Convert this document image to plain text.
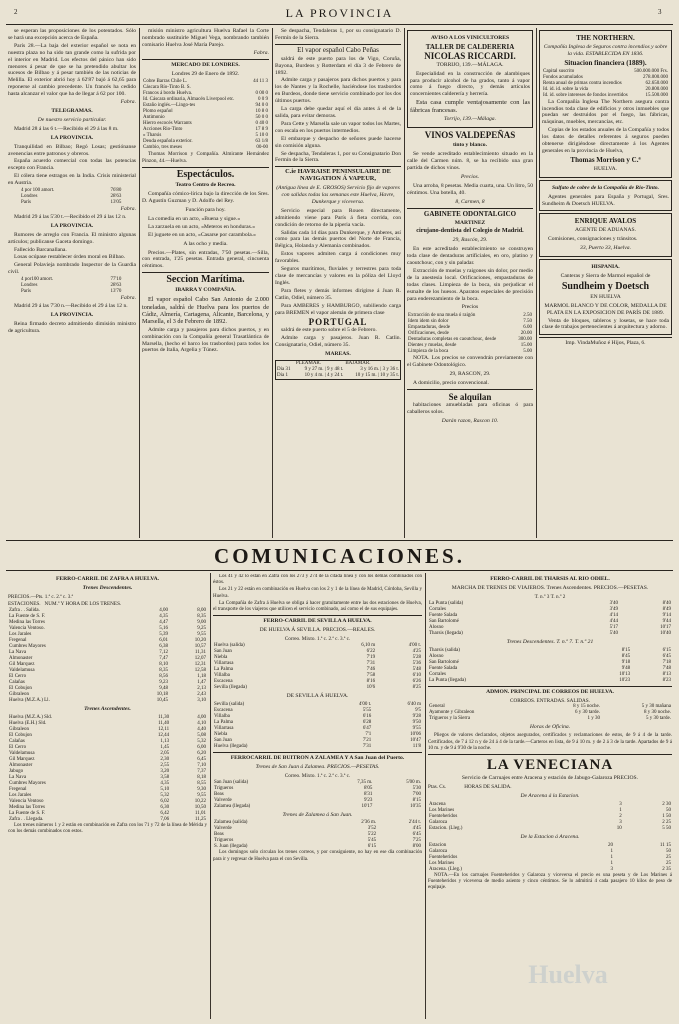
2	LA PROVINCIA	3

se esperan las proposiciones de los potentados. Sólo se hará una excepción acerca de España.

París 28.—La baja del exterior español se nota en nuestra plaza no ha sido tan grande como la sufrida por el interior en Madrid. Los efectos del pánico han sido menores á pesar de que se ha pretendido abultar los sucesos de Bilbao y á pesar también de las noticias de Melilla. El exterior abrió hoy á 62'87 bajó á 62,65 para reponerse al cambio precedente. Un francés ha cedido hasta alcanzar el valor que ha de llegar á 62 por 100.

Fabra.

TELEGRAMAS.
De nuestro servicio particular.

Madrid 28 á las 6 t.—Recibido el 29 á las 8 m.

LA PROVINCIA.

Tranquilidad en Bilbao; Regó Losas; gestiónanse avenencias entre patronos y obreros.

España acuerdo comercial con todas las potencias excepto con Francia.

El cólera tiene estragos en la India. Crisis ministerial en Austria.

4 por 100 amort.	76'80
Londres	28'63
París	13'05

Fabra.

Madrid 29 á las 5'30 t.—Recibido el 29 á las 12 n.

LA PROVINCIA.

Rumores de arreglo con Francia. El ministro algunas artículos; publicanse Gaceta domingo.

Fallecido Barcanallana.

Losas ocúpase restablecer órden moral en Bilbao.

General Polavieja nombrado Inspector de la Guardia civil.

4 por100 amort.	77'10
Londres	28'63
París	13'70

Fabra.

Madrid 29 á las 7'30 n.—Recibido el 29 á las 12 n.

LA PROVINCIA.

Reina firmado decreto admitiendo dimisión ministro de agricultura.

misión ministro agricultura Huelva Rafael la Corte nombrado sustituirle Miguel Vega, nombrando también comisario Huelva José María Parejo.

Fabra.

MERCADO DE LONDRES.
Londres 29 de Enero de 1892.
Cobre Barras Chile L.	44 11 3
Cáscara Río-Tinto B. S.	
Francos á bordo Huelva.	0 00 0
Id. Cáscara ordinaria, Almacén Liverpool etc.	0 0 9
Estaño inglés.—Lingo-tes	94 0 0
Plomo español	10 8 0
Antimonio	50 0 0
Hierro escocés Warrants	0 40 0
Acciones Rio-Tinto	17 8 9
» Tharsis	5 10 0
Deuda española exterior.	63 1/8
Cambio, tres meses	00-00

Thomas Morrison y Compañía. Almirante Hernández Pinzon, 44.—Huelva.

Espectáculos.
Teatro Centro de Recreo.

Compañía cómico-lírica bajo la dirección de los Sres. D. Agustín Guzman y D. Adolfo del Rey.

Función para hoy.

La comedia en un acto, «Buena y sigue.»

La zarzuela en un acto, «Meteros en honduras.»

El juguete en un acto, «Casarse por carambola.»

A las ocho y media.

Precios.—Plates, sin entradas, 7'50 pesetas.—Silla, con entrada, 1'25 pesetas. Entrada general, cincuenta céntimos.

Seccion Marítima.
IBARRA Y COMPAÑIA.

El vapor español Cabo San Antonio de 2.000 toneladas, saldrá de Huelva para los puertos de Cádiz, Almería, Cartagena, Alicante, Barcelona, y Marsella, el 3 de Febrero de 1892.

Admite carga y pasajeros para dichos puertos, y en combinación con la Compañía general Trasatlántica de Marsella, (hecho el barco los trasbordos) para todos los puertos de Italia, Argelia y Túnez.

Se despacha, Tendaleras 1, por su consignatario D. Fermín de la Sierra.

El vapor español Cabo Peñas

saldrá de este puerto para los de Vigo, Coruña, Bayona, Burdeos y Rotterdam el día 3 de Febrero de 1892.

Admite carga y pasajeros para dichos puertos y para los de Nantes y la Rochelle, haciéndose los trasbordos en Burdeos, donde tiene servicio combinado por los dos últimos puertos.

La carga debe quedar aquí el día antes á el de la salida, para evitar demoras.

Para Cette y Marsella sale un vapor todos los Martes, con escala en los puertos intermedios.

El embarque y despacho de señores puede hacerse sin comisión alguna.

Se despacha, Tendaleras 1, por su Consignatario Don Fermín de la Sierra.

C.ie HAVRAISE PENINSULAIRE DE NAVIGATION Á VAPEUR,
(Antigua línea de E. GROSOS) Servicio fijo de vapores con salidas todas las semanas este Huelva, Havre, Dunkerque y viceversa.

Servicio especial para Rouen directamente, admitiendo viene para París á fieta corrida, con condición de retorno de la piperia vacía.

Salidas cada 14 días para Dunkerque, y Amberes, así como para las demás puertos del Norte de Francia, Bélgica, Holanda y Alemania combinados.

Estos vapores admiten carga á condiciones muy favorables.

Seguros marítimos, fluviales y terrestres para toda clase de mercancías y valores en la póliza del Lloyd Inglés.

Para fletes y demás informes dirigirse á Juan R. Catlin, Odiel, número 35.

Para AMBERES y HAMBURGO, subiliendo carga para BREMEN el vapor alemán de primera clase

PORTUGAL

saldrá de este puerto sobre el 5 de Febrero.

Admite carga y pasajeros. Juan R. Catlin. Consignatario, Odiel, número 35.

MAREAS.
	PLEAMAR.	BAJAMAR.
Dia 31	9 y 27 m. | 9 y 48 t.	3 y 16 m. | 3 y 36 t.
Dia 1	10 y 4 m. | 4 y 24 t.	10 y 15 m. | 10 y 35 t.
AVISO A LOS VINICULTORES
TALLER DE CALDERERIA
NICOLAS RICCARDI.
TORRIJO, 139.—MÁLAGA.

Especialidad en la construcción de alambiques para producir alcohol de ha grados, tanto á vapor como á fuego directo, y demás artículos concernientes calderería y herrería.

Esta casa cumple ventajosamente con las fábricas francesas.

Torrijo, 139.—Málaga.
VINOS VALDEPEÑAS
tinto y blanco.

Se vende acreditado establecimiento situado en la calle del Carmen núm. 8, se ha recibido una gran partida de dichos vinos.

Precios.

Una arroba, 8 pesetas. Media cuarta, una. Un litro, 50 céntimos. Una botella, 40.

8, Carmen, 8
GABINETE ODONTALGICO
MARTINEZ
cirujano-dentista del Colegio de Madrid.
29, Rascón, 29.

En este acreditado establecimiento se construyen toda clase de dentaduras artificiales, en oro, platino y caoutchouc, con y sin paladar.

Extracción de muelas y raigones sin dolor, por medio de la anestesia local. Orificaciones, empastaduras de todas clases. Limpieza de la boca, sin perjudicar el esmalte de los huesos. Aparatos especiales de precisión para enderezamiento de la boca.

Precios
Extracción de una muela ó raigón	2.50
Idem idem sin dolor	7.50
Empastaduras, desde	6.00
Orificaciones, desde	20.00
Dentaduras completas en caoutchouc, desde	300.00
Dientes y muelas, desde	15.00
Limpieza de la boca	5.00

NOTA. Los precios se convendrán previamente con el Gabinete Odontológico.

29, RASCON, 29.

A domicilio, precio convencional.

Se alquilan

habitaciones amuebladas para oficinas ó para caballeros solos.

Darán razon, Rascon 10.
THE NORTHERN.
Compañía Inglesa de Seguros contra incendios y sobre la vida. ESTABLECIDA EN 1836.
Situacion financiera (1889).
Capital suscrito	500.000.000 Frs.
Fondos acumulados	278.000.000
Renta anual de primas contra incendios	62.650.000
Id. id. id. sobre la vida	20.800.000
Id. id. sobre intereses de fondos invertidos	15.500.000

La Compañía Inglesa The Northern asegura contra incendios toda clase de edificios y otros inmuebles que puedan ser destruidos por el fuego, las fábricas, máquinas, muebles, mercancías, etc.

Copias de los estados anuales de la Compañía y todos los datos de detalles referentes á seguros pueden obtenerse dirigiéndose directamente á los Agentes generales en la provincia de Huelva,

Thomas Morrison y C.ª
HUELVA.
Sulfato de cobre de la Compañía de Rio-Tinto.

Agentes generales para España y Portugal, Sres. Sundheim & Doetsch HUELVA.

ENRIQUE AVALOS
AGENTE DE ADUANAS.

Comisiones, consignaciones y tránsitos.

33, Puerto 33, Huelva.
HISPANIA.
Canteras y Sierra de Marmol español de
Sundheim y Doetsch
EN HUELVA

MARMOL BLANCO Y DE COLOR, MEDALLA DE PLATA EN LA EXPOSICION DE PARÍS DE 1889.

Venta de bloques, tableros y losetas, se hace toda clase de trabajos pertenecientes á arquitectura y adorno.

Imp. VindaMuñoz é Hijos, Plaza, 6.
COMUNICACIONES.
FERRO-CARRIL DE ZAFRA A HUELVA.
Trenes Descendentes.
PRECIOS.—Pts. 1.ª c. 2.ª c. 3.ª
ESTACIONES. NUM.º Y HORA DE LOS TRENES.
Zafra . . Salida.	4,00	8,00
La Fuente de S. F.	4,35	8,35
Medina las Torres	4,47	9,00
Valencia Ventoso.	5,16	9,25
Los Jarales	5,39	9,55
Fregenal	6,01	10,20
Cumbres Mayores	6,38	10,57
La Nava	7,12	11,31
Almonaster	7,47	12,07
Gil Marquez	8,10	12,31
Valdelamusa	8,35	12,58
El Cerro	8,56	1,18
Calañas	9,23	1,47
El Cobujon	9,48	2,13
Gibraleon	10,18	2,43
Huelva (M.Z.A.) Ll.	10,45	3,10
Trenes Ascendentes.
Huelva (M.Z.A.) Sld.	11,30	4,00
Huelva (E.H.) Sld.	11,40	4,10
Gibraleon	12,11	4,40
El Cobujon	12,44	5,08
Calañas	1,13	5,32
El Cerro	1,45	6,00
Valdelamusa	2,05	6,20
Gil Marquez	2,30	6,45
Almonaster	2,55	7,10
Jabugo	3,20	7,37
La Nava	3,58	8,18
Cumbres Mayores	4,35	8,55
Fregenal	5,10	9,30
Los Jarales	5,32	9,55
Valencia Ventoso	6,02	10,22
Medina las Torres	6,30	10,50
La Fuente de S. F.	6,42	11,01
Zafra . . Llegada.	7,06	11,25

Los trenes números 1 y 2 están en combinación en Zafra con los 71 y 72 de la línea de Mérida y con los demás combinados con estos.

Los 41 y 42 lo están en Zafra con los 273 y 274 de la citada línea y con los demás combinados con éstos.

Los 21 y 22 están en combinación en Huelva con los 2 y 1 de la línea de Madrid, Córdoba, Sevilla y Huelva.

La Compañía de Zafra á Huelva se obliga á hacer gratuitamente entre las dos estaciones de Huelva, el transporte de los viajeros que utilicen el servicio combinado, así como el de sus equipajes.

FERRO-CARRIL DE SEVILLA A HUELVA.
DE HUELVA Á SEVILLA. PRECIOS.—REALES.
Correo. Mixto. 1.ª c. 2.ª c. 3.ª c.
Huelva (salida)	6,10 m	4'00 t.
San Juan	6'22	4'25
Niebla	7'19	5'28
Villarrasa	7'31	5'36
La Palma	7'46	5'48
Villalba	7'58	6'10
Escacena	8'16	6'26
Sevilla (llegada)	10'6	8'25
DE SEVILLA Á HUELVA.
Sevilla (salida)	4'00 t.	6'40 m
Escacena	5'55	9'5
Villalba	6'16	9'28
La Palma	6'28	9'50
Villarrasa	6'47	9'55
Niebla	7'1	10'06
San Juan	7'21	10'47
Huelva (llegada)	7'31	11'8
FERROCARRIL DE BUITRON A ZALAMEA Y A San Juan del Puerto.
Trenes de San Juan á Zalamea. PRECIOS.—PESETAS.
Correo. Mixto. 1.ª c. 2.ª c. 3.ª c.
San Juan (salida)	7,35 m.	5'00 m.
Trigueros	8'05	5'30
Beas	8'31	7'00
Valverde	9'23	8'15
Zalamea (llegada)	10'17	10'35
Trenes de Zalamea á San Juan.
Zalamea (salida)	2'36 m.	2'44 t.
Valverde	3'52	4'45
Beas	5'22	6'45
Trigueros	5'45	7'25
S. Juan (llegada)	6'15	8'00

Los domingos solo circulan los trenes correos, y por consiguiente, no hay en ese día combinación para ir y regresar de Huelva para el con Sevilla.

FERRO-CARRIL DE THARSIS AL RIO ODIEL.
MARCHA DE TRENES DE VIAJEROS. Trenes Ascendentes. PRECIOS.—PESETAS.
T. n.º 3 T. n.º 2
La Punta (salida)	3'40	8'40
Corrales	3'49	8'49
Fuente Salada	4'14	9'14
San Bartolomé	4'44	9'44
Alosno	5'17	10'17
Tharsis (llegada)	5'40	10'40
Trenes Descendentes. T. n.º 7. T. n.º 21
Tharsis (salida)	8'15	6'15
Alosno	8'45	6'45
San Bartolomé	9'18	7'18
Fuente Salada	9'48	7'48
Corrales	10'13	8'13
La Punta (llegada)	10'23	8'23
ADMON. PRINCIPAL DE CORREOS DE HUELVA.
CORREOS. ENTRADAS. SALIDAS.
General	8 y 15 noche.	5 y 30 mañana
Ayamonte y Gibraleon	6 y 30 tarde.	8 y 30 noche.
Trigueros y la Sierra	1 y 30	5 y 30 tarde.
Horas de Oficina.

Pliegos de valores declarados, objetos asegurados, certificados y reclamaciones de estos, de 9 á 4 de la tarde. Certificados, de 7 á 12 n y de 24 á 4 de la tarde.—Carteros en lista, de 9 á 10 m. y de 2 á 3 de la tarde. Apartados de 9 á 10 m. y de 9 á 9'30 de la noche.

LA VENECIANA
Servicio de Carruajes entre Aracena y estación de Jabugo-Galaroza PRECIOS.
Ptas. Cs.	HORAS DE SALIDA.
De Aracena á la Estacion.
Aracena	3	2 30
Los Marines	1	50
Fuenteheridos	2	1 50
Galaroza	3	2 25
Estacion. (Lleg.)	10	5 50
De la Estacion á Aracena.
Estacion	20	11 15
Galaroza	1	50
Fuenteheridos	1	25
Los Marines	1	25
Aracena. (Lleg.)	3	2 35

NOTA.—En los carruajes Fuenteheridos y Galaroza y viceversa el precio es una peseta y de Los Marines á Fuenteheridos y viceversa de medio asiento y cinco céntimos. Se lo admitirá 4 cada pasajero 10 kilos de peso de equipaje.

Huelva
